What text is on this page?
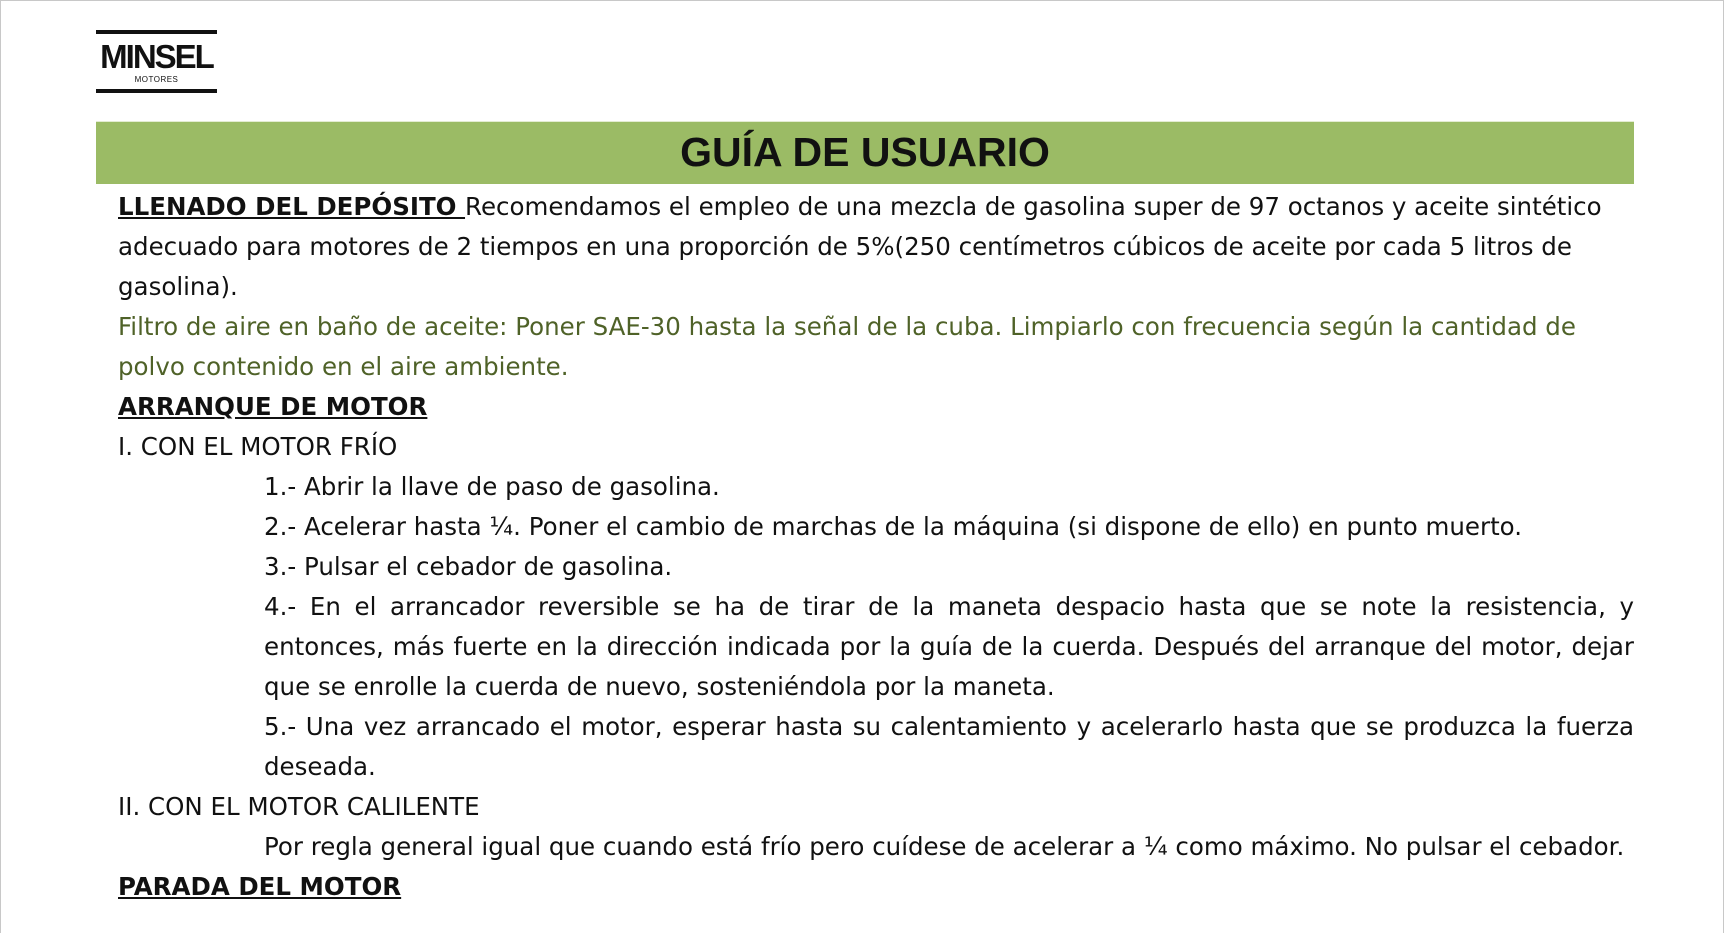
MINSEL
MOTORES
GUÍA DE USUARIO

LLENADO DEL DEPÓSITO Recomendamos el empleo de una mezcla de gasolina super de 97 octanos y aceite sintético adecuado para motores de 2 tiempos en una proporción de 5%(250 centímetros cúbicos de aceite por cada 5 litros de gasolina).

Filtro de aire en baño de aceite: Poner SAE-30 hasta la señal de la cuba. Limpiarlo con frecuencia según la cantidad de polvo contenido en el aire ambiente.

ARRANQUE DE MOTOR

I. CON EL MOTOR FRÍO

1.- Abrir la llave de paso de gasolina.

2.- Acelerar hasta ¼. Poner el cambio de marchas de la máquina (si dispone de ello) en punto muerto.

3.- Pulsar el cebador de gasolina.

4.- En el arrancador reversible se ha de tirar de la maneta despacio hasta que se note la resistencia, y entonces, más fuerte en la dirección indicada por la guía de la cuerda. Después del arranque del motor, dejar que se enrolle la cuerda de nuevo, sosteniéndola por la maneta.

5.- Una vez arrancado el motor, esperar hasta su calentamiento y acelerarlo hasta que se produzca la fuerza deseada.

II. CON EL MOTOR CALILENTE

Por regla general igual que cuando está frío pero cuídese de acelerar a ¼ como máximo. No pulsar el cebador.

PARADA DEL MOTOR
